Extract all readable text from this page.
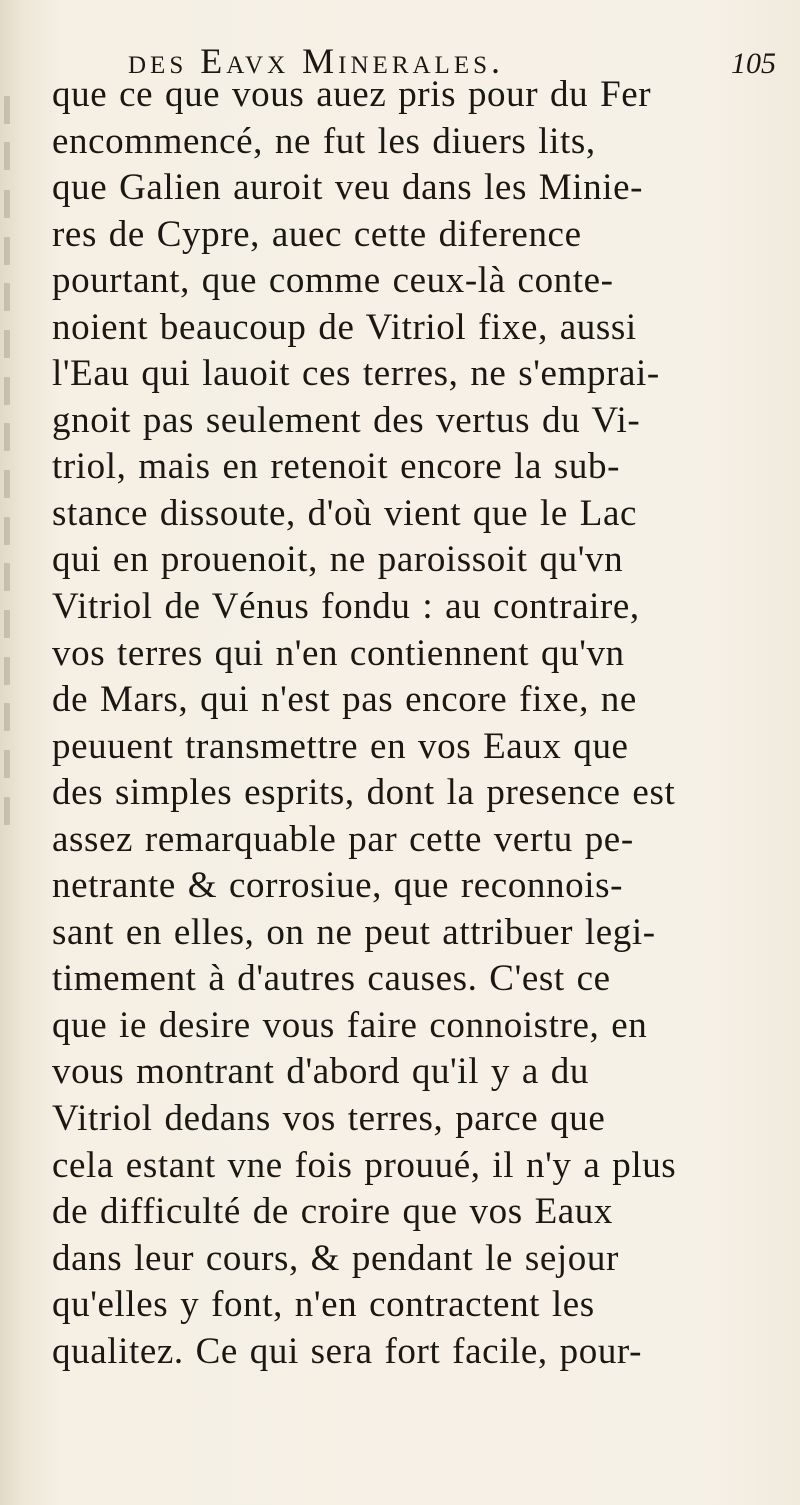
des Eavx Minerales.	105
que ce que vous auez pris pour du Fer
encommencé, ne fut les diuers lits,
que Galien auroit veu dans les Minie-
res de Cypre, auec cette diference
pourtant, que comme ceux-là conte-
noient beaucoup de Vitriol fixe, aussi
l'Eau qui lauoit ces terres, ne s'emprai-
gnoit pas seulement des vertus du Vi-
triol, mais en retenoit encore la sub-
stance dissoute, d'où vient que le Lac
qui en prouenoit, ne paroissoit qu'vn
Vitriol de Vénus fondu : au contraire,
vos terres qui n'en contiennent qu'vn
de Mars, qui n'est pas encore fixe, ne
peuuent transmettre en vos Eaux que
des simples esprits, dont la presence est
assez remarquable par cette vertu pe-
netrante & corrosiue, que reconnois-
sant en elles, on ne peut attribuer legi-
timement à d'autres causes. C'est ce
que ie desire vous faire connoistre, en
vous montrant d'abord qu'il y a du
Vitriol dedans vos terres, parce que
cela estant vne fois prouué, il n'y a plus
de difficulté de croire que vos Eaux
dans leur cours, & pendant le sejour
qu'elles y font, n'en contractent les
qualitez. Ce qui sera fort facile, pour-
